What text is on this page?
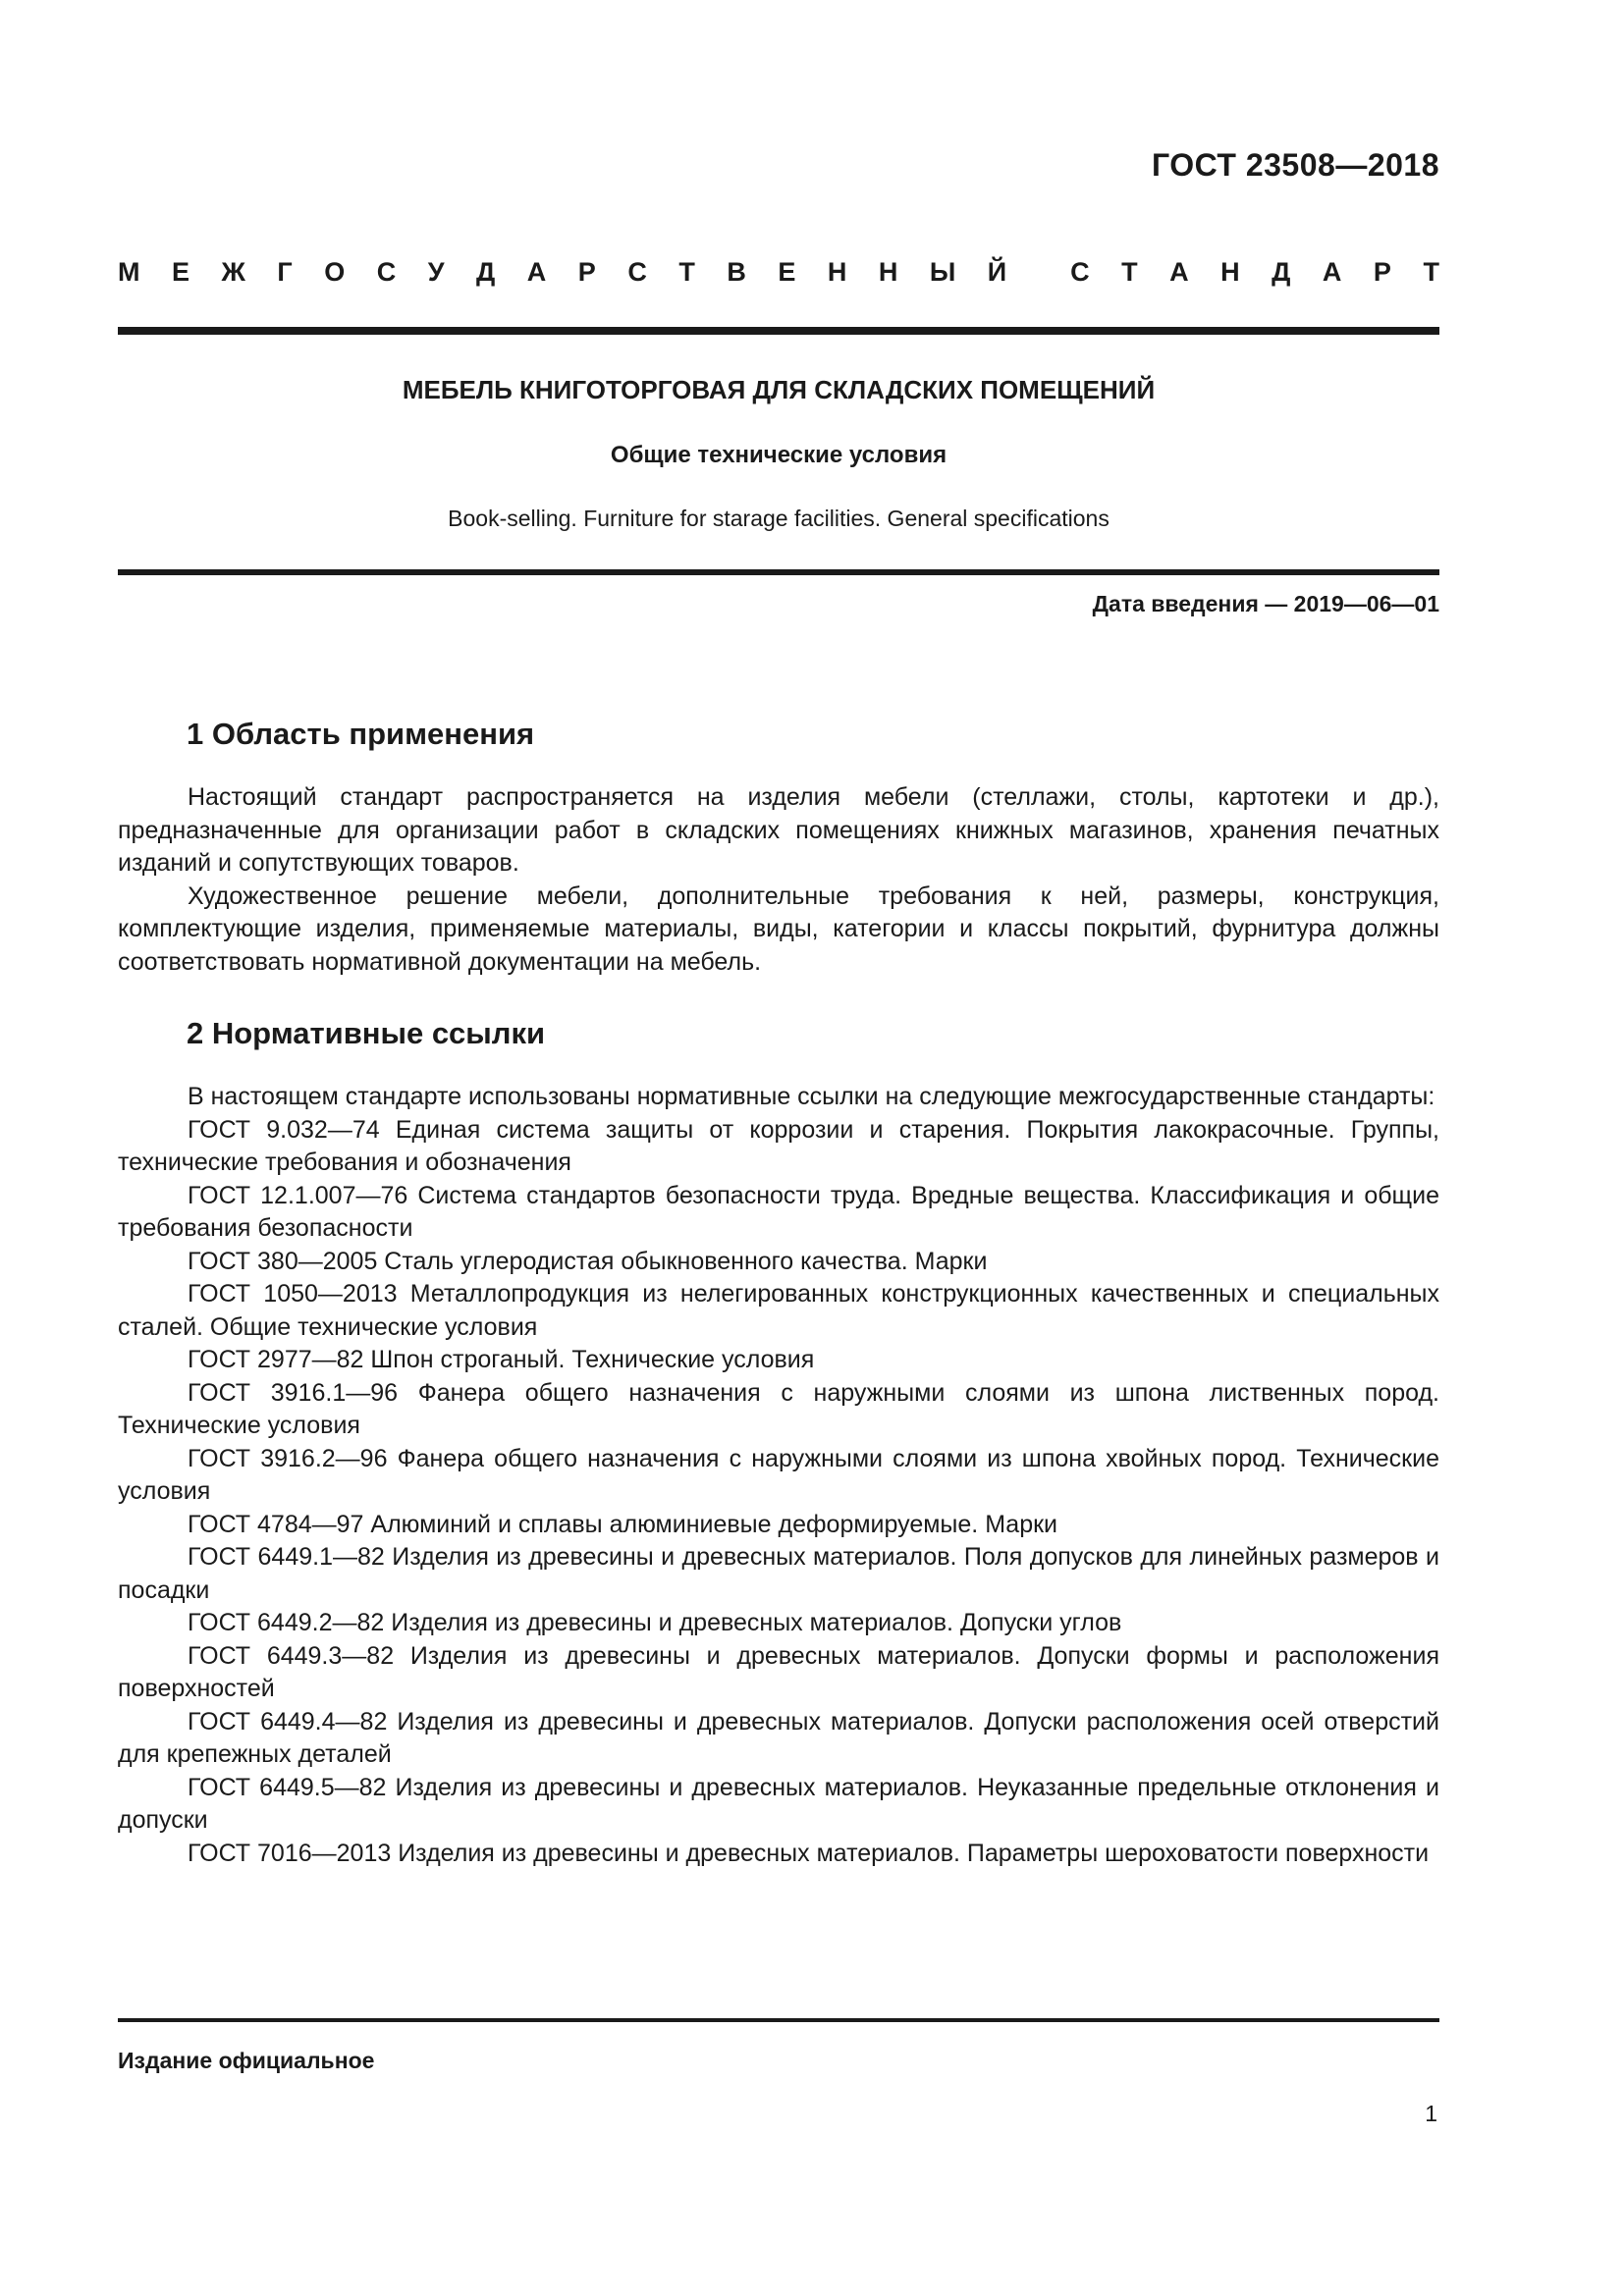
ГОСТ 23508—2018
М Е Ж Г О С У Д А Р С Т В Е Н Н Ы Й С Т А Н Д А Р Т
МЕБЕЛЬ КНИГОТОРГОВАЯ ДЛЯ СКЛАДСКИХ ПОМЕЩЕНИЙ
Общие технические условия
Book-selling. Furniture for starage facilities. General specifications
Дата введения — 2019—06—01
1 Область применения

Настоящий стандарт распространяется на изделия мебели (стеллажи, столы, картотеки и др.), предназначенные для организации работ в складских помещениях книжных магазинов, хранения печатных изданий и сопутствующих товаров.

Художественное решение мебели, дополнительные требования к ней, размеры, конструкция, комплектующие изделия, применяемые материалы, виды, категории и классы покрытий, фурнитура должны соответствовать нормативной документации на мебель.

2 Нормативные ссылки

В настоящем стандарте использованы нормативные ссылки на следующие межгосударственные стандарты:

ГОСТ 9.032—74 Единая система защиты от коррозии и старения. Покрытия лакокрасочные. Группы, технические требования и обозначения

ГОСТ 12.1.007—76 Система стандартов безопасности труда. Вредные вещества. Классификация и общие требования безопасности

ГОСТ 380—2005 Сталь углеродистая обыкновенного качества. Марки

ГОСТ 1050—2013 Металлопродукция из нелегированных конструкционных качественных и специальных сталей. Общие технические условия

ГОСТ 2977—82 Шпон строганый. Технические условия

ГОСТ 3916.1—96 Фанера общего назначения с наружными слоями из шпона лиственных пород. Технические условия

ГОСТ 3916.2—96 Фанера общего назначения с наружными слоями из шпона хвойных пород. Технические условия

ГОСТ 4784—97 Алюминий и сплавы алюминиевые деформируемые. Марки

ГОСТ 6449.1—82 Изделия из древесины и древесных материалов. Поля допусков для линейных размеров и посадки

ГОСТ 6449.2—82 Изделия из древесины и древесных материалов. Допуски углов

ГОСТ 6449.3—82 Изделия из древесины и древесных материалов. Допуски формы и расположения поверхностей

ГОСТ 6449.4—82 Изделия из древесины и древесных материалов. Допуски расположения осей отверстий для крепежных деталей

ГОСТ 6449.5—82 Изделия из древесины и древесных материалов. Неуказанные предельные отклонения и допуски

ГОСТ 7016—2013 Изделия из древесины и древесных материалов. Параметры шероховатости поверхности

Издание официальное
1
